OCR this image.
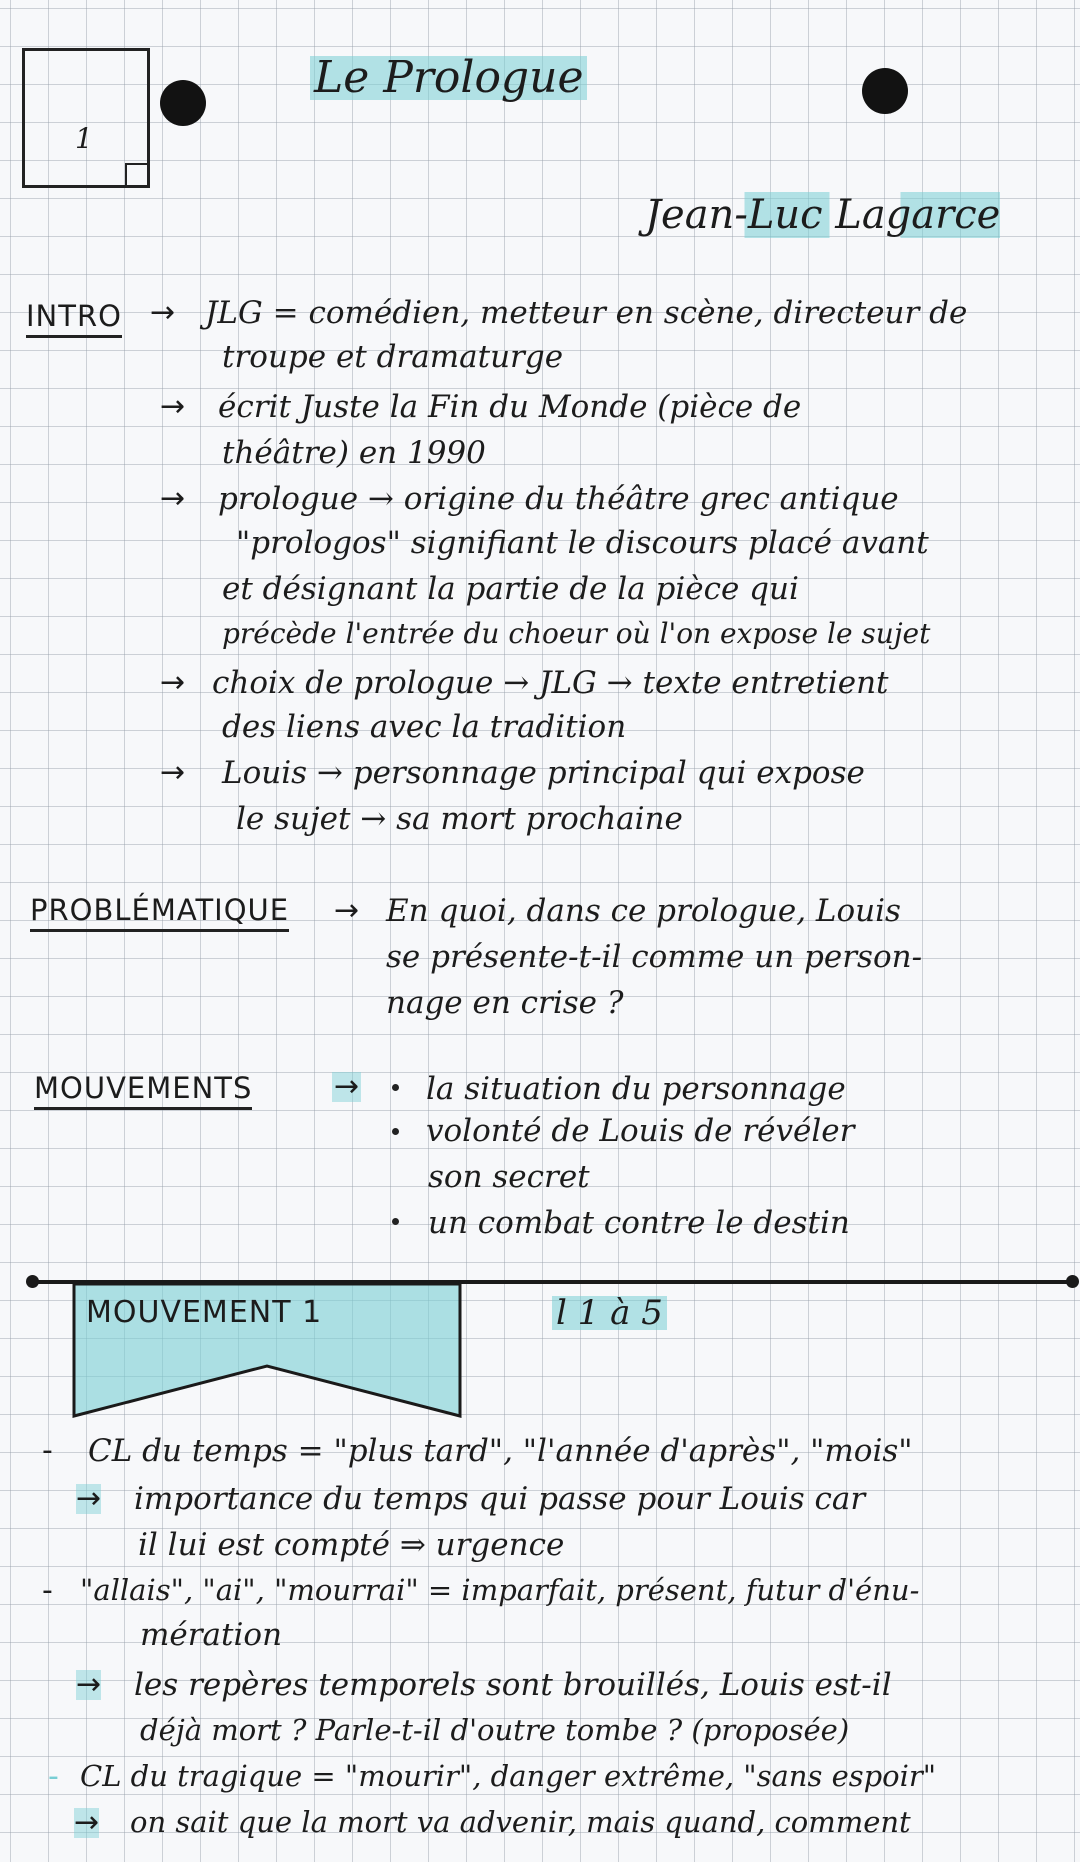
1
Le Prologue
Jean-Luc Lagarce
INTRO → JLG = comédien, metteur en scène, directeur de
troupe et dramaturge
→ écrit Juste la Fin du Monde (pièce de
théâtre) en 1990
→ prologue → origine du théâtre grec antique
"prologos" signifiant le discours placé avant
et désignant la partie de la pièce qui
précède l'entrée du choeur où l'on expose le sujet
→ choix de prologue → JLG → texte entretient
des liens avec la tradition
→ Louis → personnage principal qui expose
le sujet → sa mort prochaine
PROBLÉMATIQUE → En quoi, dans ce prologue, Louis
se présente-t-il comme un person-
nage en crise ?
MOUVEMENTS	→ la situation du personnage
volonté de Louis de révéler
son secret
un combat contre le destin
MOUVEMENT 1	l 1 à 5
- CL du temps = "plus tard", "l'année d'après", "mois"
→ importance du temps qui passe pour Louis car
il lui est compté ⇒ urgence
- "allais", "ai", "mourrai" = imparfait, présent, futur d'énu-
mération
→ les repères temporels sont brouillés, Louis est-il
déjà mort ? Parle-t-il d'outre tombe ? (proposée)
- CL du tragique = "mourir", danger extrême, "sans espoir"
→ on sait que la mort va advenir, mais quand, comment
